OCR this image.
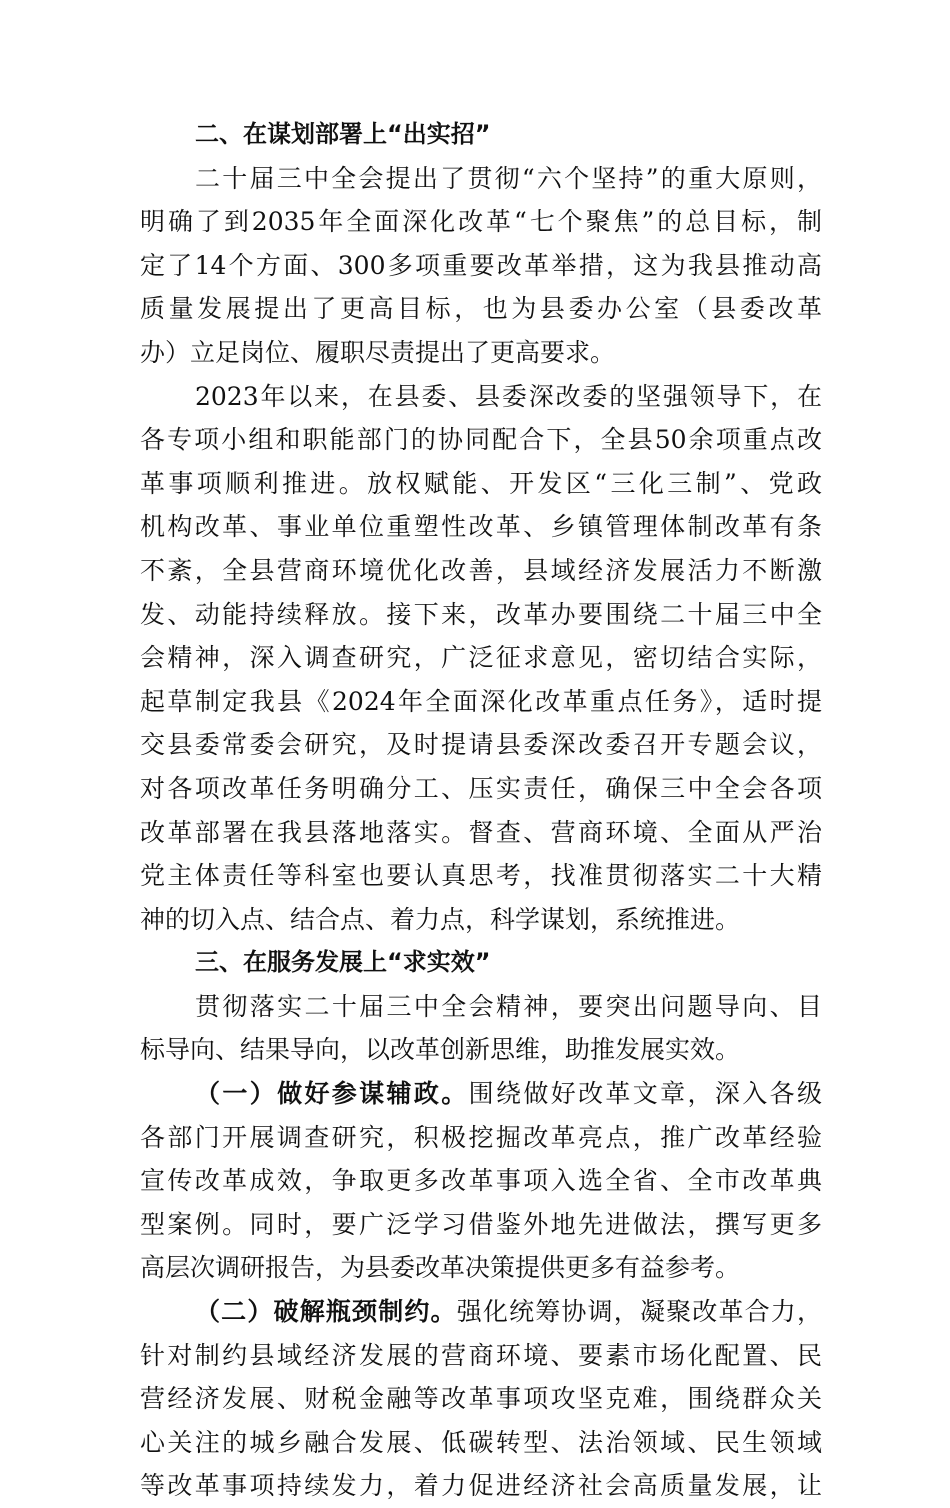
二、在谋划部署上“出实招”
二十届三中全会提出了贯彻“六个坚持”的重大原则，
明确了到2035年全面深化改革“七个聚焦”的总目标，制
定了14个方面、300多项重要改革举措，这为我县推动高
质量发展提出了更高目标，也为县委办公室（县委改革
办）立足岗位、履职尽责提出了更高要求。
2023年以来，在县委、县委深改委的坚强领导下，在
各专项小组和职能部门的协同配合下，全县50余项重点改
革事项顺利推进。放权赋能、开发区“三化三制”、党政
机构改革、事业单位重塑性改革、乡镇管理体制改革有条
不紊，全县营商环境优化改善，县域经济发展活力不断激
发、动能持续释放。接下来，改革办要围绕二十届三中全
会精神，深入调查研究，广泛征求意见，密切结合实际，
起草制定我县《2024年全面深化改革重点任务》，适时提
交县委常委会研究，及时提请县委深改委召开专题会议，
对各项改革任务明确分工、压实责任，确保三中全会各项
改革部署在我县落地落实。督查、营商环境、全面从严治
党主体责任等科室也要认真思考，找准贯彻落实二十大精
神的切入点、结合点、着力点，科学谋划，系统推进。
三、在服务发展上“求实效”
贯彻落实二十届三中全会精神，要突出问题导向、目
标导向、结果导向，以改革创新思维，助推发展实效。
（一）做好参谋辅政。围绕做好改革文章，深入各级
各部门开展调查研究，积极挖掘改革亮点，推广改革经验
宣传改革成效，争取更多改革事项入选全省、全市改革典
型案例。同时，要广泛学习借鉴外地先进做法，撰写更多
高层次调研报告，为县委改革决策提供更多有益参考。
（二）破解瓶颈制约。强化统筹协调，凝聚改革合力，
针对制约县域经济发展的营商环境、要素市场化配置、民
营经济发展、财税金融等改革事项攻坚克难，围绕群众关
心关注的城乡融合发展、低碳转型、法治领域、民生领域
等改革事项持续发力，着力促进经济社会高质量发展，让
